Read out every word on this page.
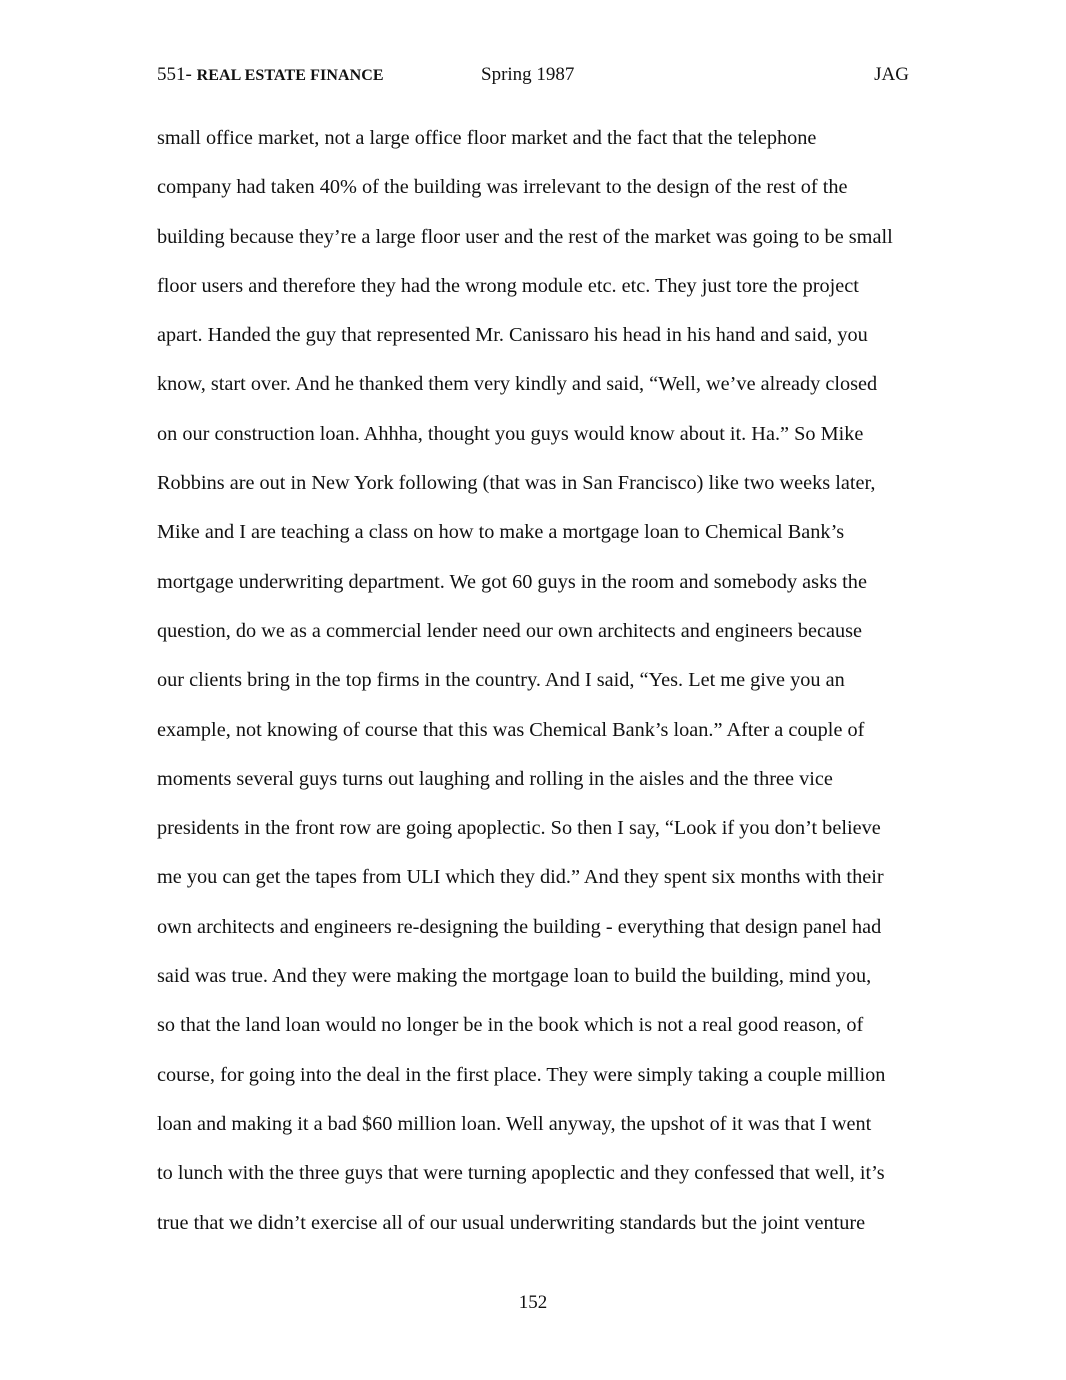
551- REAL ESTATE FINANCE	Spring 1987	JAG
small office market, not a large office floor market and the fact that the telephone
company had taken 40% of the building was irrelevant to the design of the rest of the
building because they’re a large floor user and the rest of the market was going to be small
floor users and therefore they had the wrong module etc. etc. They just tore the project
apart. Handed the guy that represented Mr. Canissaro his head in his hand and said, you
know, start over. And he thanked them very kindly and said, “Well, we’ve already closed
on our construction loan. Ahhha, thought you guys would know about it. Ha.” So Mike
Robbins are out in New York following (that was in San Francisco) like two weeks later,
Mike and I are teaching a class on how to make a mortgage loan to Chemical Bank’s
mortgage underwriting department. We got 60 guys in the room and somebody asks the
question, do we as a commercial lender need our own architects and engineers because
our clients bring in the top firms in the country. And I said, “Yes. Let me give you an
example, not knowing of course that this was Chemical Bank’s loan.” After a couple of
moments several guys turns out laughing and rolling in the aisles and the three vice
presidents in the front row are going apoplectic. So then I say, “Look if you don’t believe
me you can get the tapes from ULI which they did.” And they spent six months with their
own architects and engineers re-designing the building - everything that design panel had
said was true. And they were making the mortgage loan to build the building, mind you,
so that the land loan would no longer be in the book which is not a real good reason, of
course, for going into the deal in the first place. They were simply taking a couple million
loan and making it a bad $60 million loan. Well anyway, the upshot of it was that I went
to lunch with the three guys that were turning apoplectic and they confessed that well, it’s
true that we didn’t exercise all of our usual underwriting standards but the joint venture
152
